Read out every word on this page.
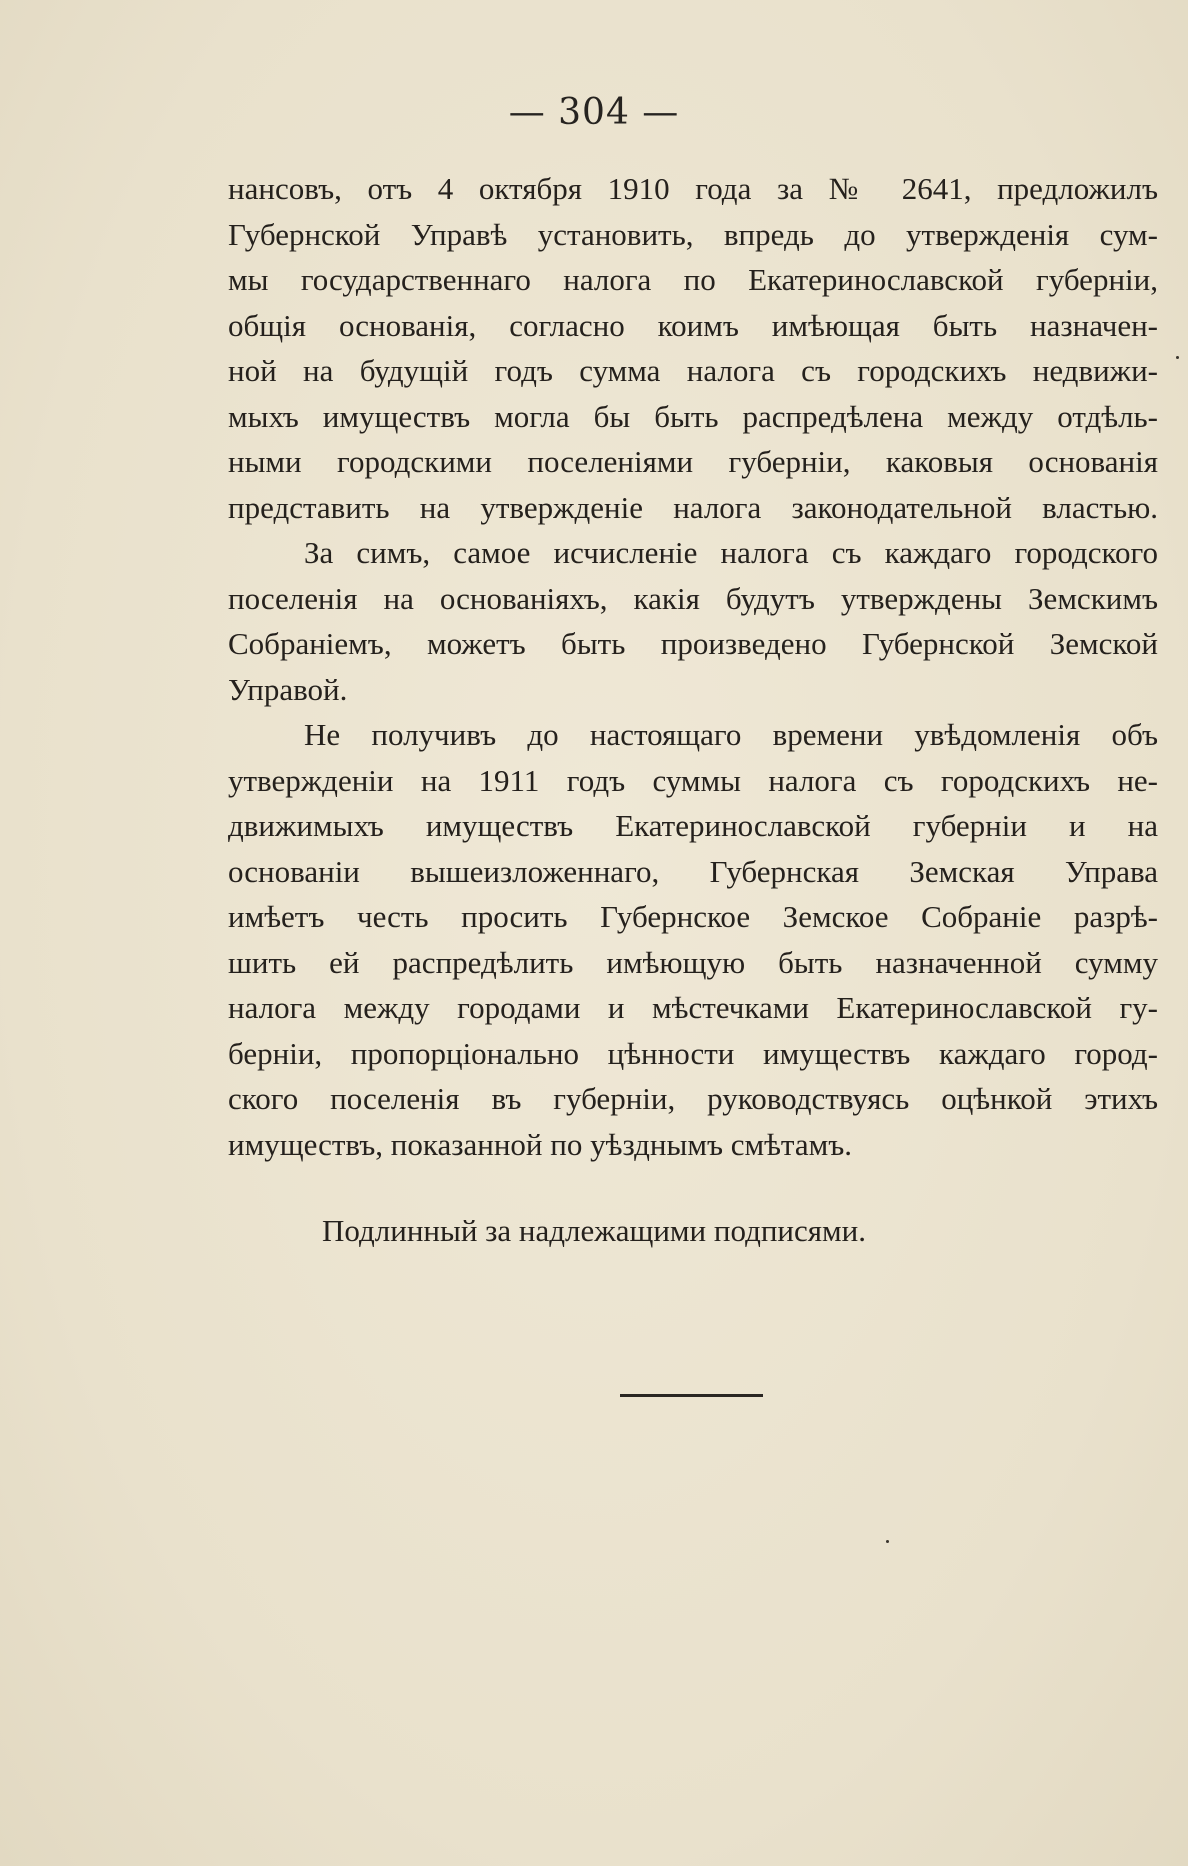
— 304 —
нансовъ, отъ 4 октября 1910 года за № 2641, предложилъ
Губернской Управѣ установить, впредь до утвержденія сум-
мы государственнаго налога по Екатеринославской губерніи,
общія основанія, согласно коимъ имѣющая быть назначен-
ной на будущій годъ сумма налога съ городскихъ недвижи-
мыхъ имуществъ могла бы быть распредѣлена между отдѣль-
ными городскими поселеніями губерніи, каковыя основанія
представить на утвержденіе налога законодательной властью.
За симъ, самое исчисленіе налога съ каждаго городского
поселенія на основаніяхъ, какія будутъ утверждены Земскимъ
Собраніемъ, можетъ быть произведено Губернской Земской
Управой.
Не получивъ до настоящаго времени увѣдомленія объ
утвержденіи на 1911 годъ суммы налога съ городскихъ не-
движимыхъ имуществъ Екатеринославской губерніи и на
основаніи вышеизложеннаго, Губернская Земская Управа
имѣетъ честь просить Губернское Земское Собраніе разрѣ-
шить ей распредѣлить имѣющую быть назначенной сумму
налога между городами и мѣстечками Екатеринославской гу-
берніи, пропорціонально цѣнности имуществъ каждаго город-
ского поселенія въ губерніи, руководствуясь оцѣнкой этихъ
имуществъ, показанной по уѣзднымъ смѣтамъ.
Подлинный за надлежащими подписями.
